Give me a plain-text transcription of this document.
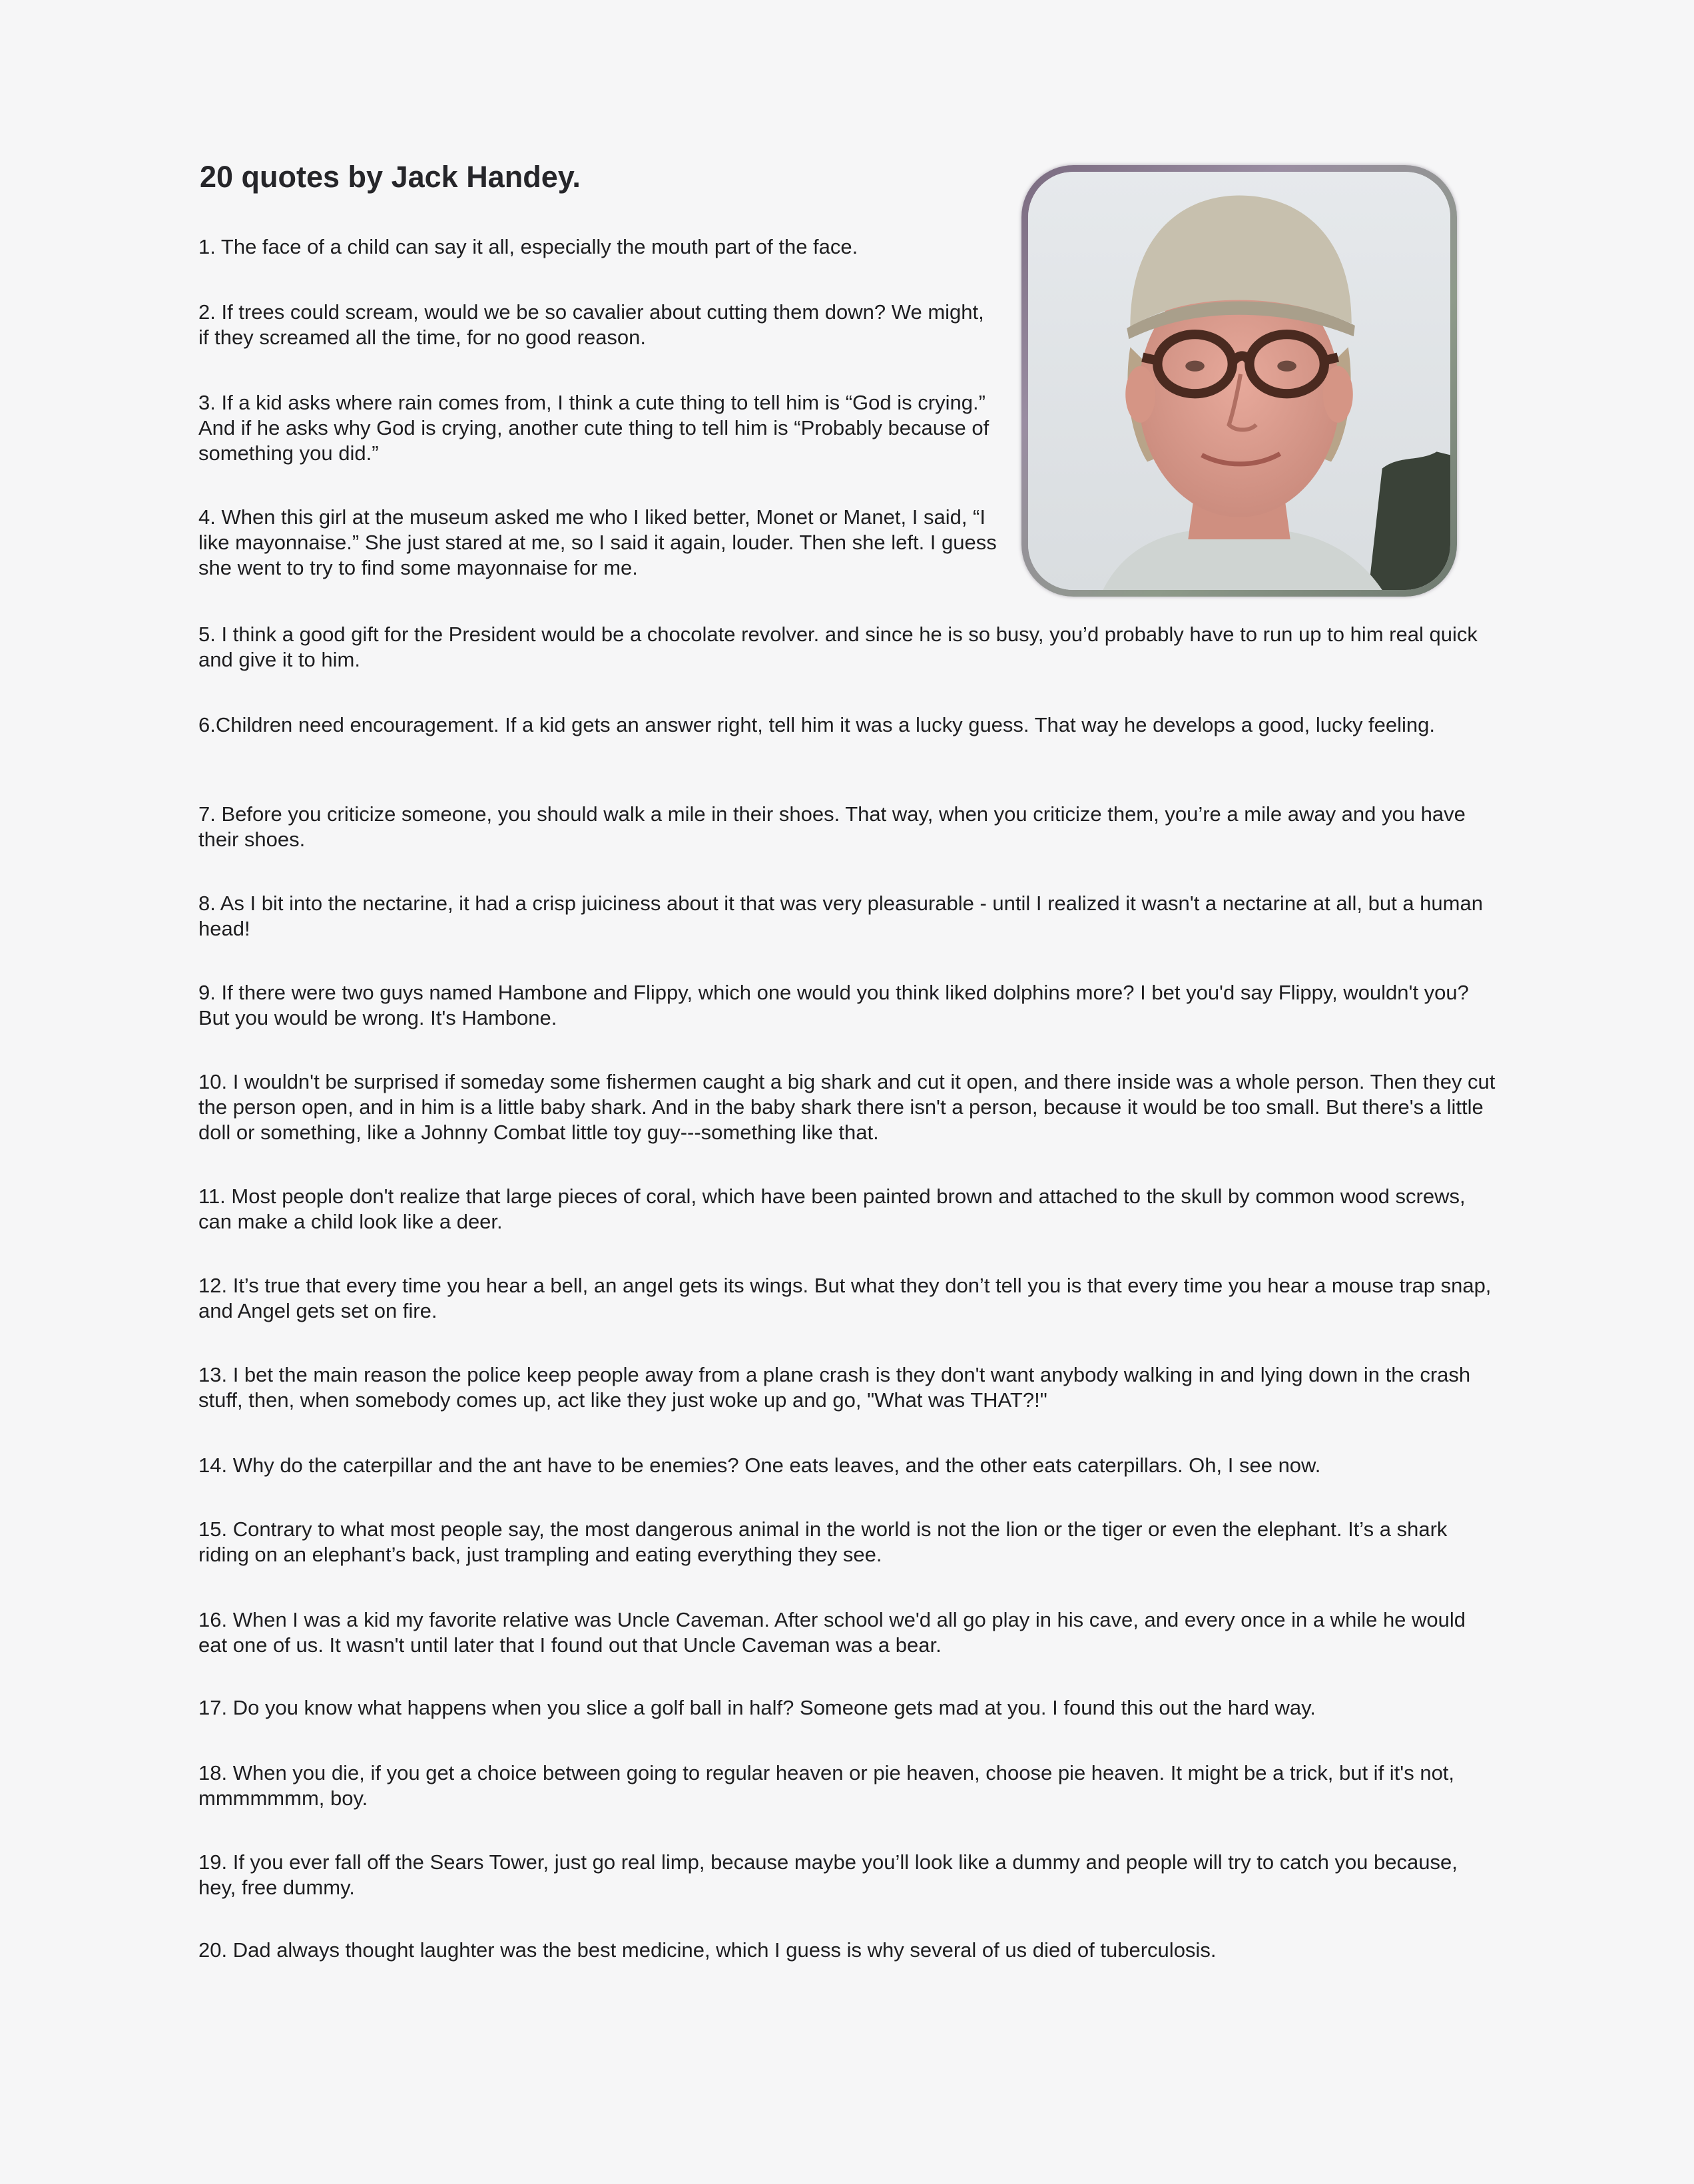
20 quotes by Jack Handey.

1. The face of a child can say it all, especially the mouth part of the face.

2. If trees could scream, would we be so cavalier about cutting them down? We might, if they screamed all the time, for no good reason.

3. If a kid asks where rain comes from, I think a cute thing to tell him is “God is crying.” And if he asks why God is crying, another cute thing to tell him is “Probably because of something you did.”

4. When this girl at the museum asked me who I liked better, Monet or Manet, I said, “I like mayonnaise.” She just stared at me, so I said it again, louder. Then she left. I guess she went to try to find some mayonnaise for me.

5. I think a good gift for the President would be a chocolate revolver. and since he is so busy, you’d probably have to run up to him real quick and give it to him.

6.Children need encouragement. If a kid gets an answer right, tell him it was a lucky guess. That way he develops a good, lucky feeling.

7. Before you criticize someone, you should walk a mile in their shoes. That way, when you criticize them, you’re a mile away and you have their shoes.

8. As I bit into the nectarine, it had a crisp juiciness about it that was very pleasurable - until I realized it wasn't a nectarine at all, but a human head!

9. If there were two guys named Hambone and Flippy, which one would you think liked dolphins more? I bet you'd say Flippy, wouldn't you? But you would be wrong. It's Hambone.

10. I wouldn't be surprised if someday some fishermen caught a big shark and cut it open, and there inside was a whole person. Then they cut the person open, and in him is a little baby shark. And in the baby shark there isn't a person, because it would be too small. But there's a little doll or something, like a Johnny Combat little toy guy---something like that.

11. Most people don't realize that large pieces of coral, which have been painted brown and attached to the skull by common wood screws, can make a child look like a deer.

12. It’s true that every time you hear a bell, an angel gets its wings. But what they don’t tell you is that every time you hear a mouse trap snap, and Angel gets set on fire.

13. I bet the main reason the police keep people away from a plane crash is they don't want anybody walking in and lying down in the crash stuff, then, when somebody comes up, act like they just woke up and go, "What was THAT?!"

14. Why do the caterpillar and the ant have to be enemies? One eats leaves, and the other eats caterpillars. Oh, I see now.

15. Contrary to what most people say, the most dangerous animal in the world is not the lion or the tiger or even the elephant. It’s a shark riding on an elephant’s back, just trampling and eating everything they see.

16. When I was a kid my favorite relative was Uncle Caveman. After school we'd all go play in his cave, and every once in a while he would eat one of us. It wasn't until later that I found out that Uncle Caveman was a bear.

17. Do you know what happens when you slice a golf ball in half? Someone gets mad at you. I found this out the hard way.

18. When you die, if you get a choice between going to regular heaven or pie heaven, choose pie heaven. It might be a trick, but if it's not, mmmmmmm, boy.

19. If you ever fall off the Sears Tower, just go real limp, because maybe you’ll look like a dummy and people will try to catch you because, hey, free dummy.

20. Dad always thought laughter was the best medicine, which I guess is why several of us died of tuberculosis.
